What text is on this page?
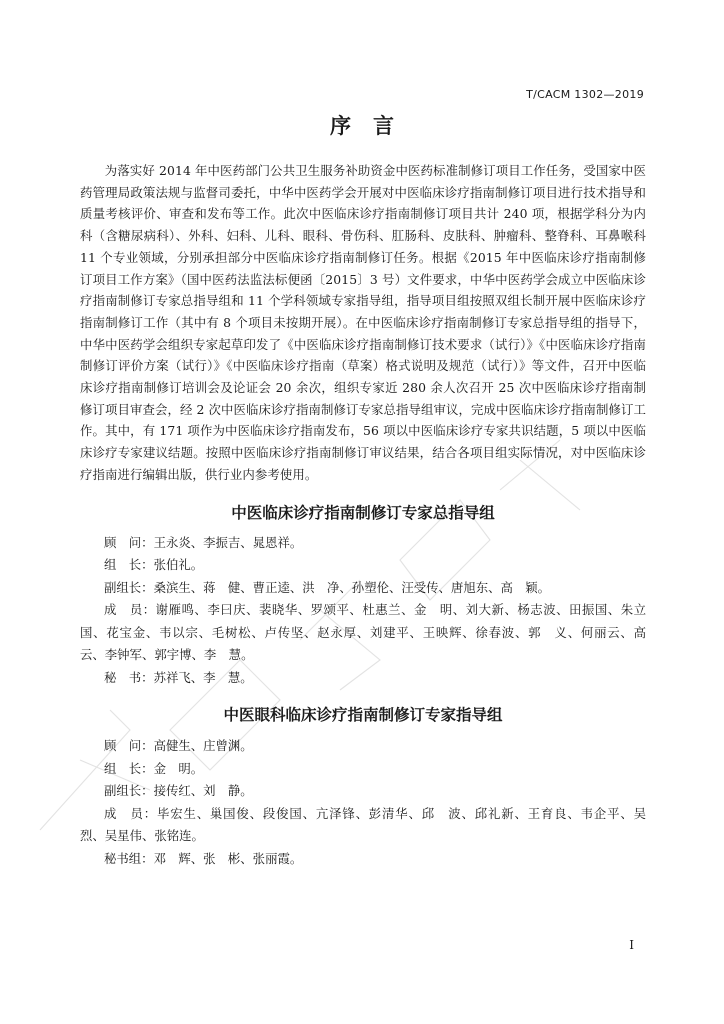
T/CACM 1302—2019
序言

为落实好 2014 年中医药部门公共卫生服务补助资金中医药标准制修订项目工作任务，受国家中医药管理局政策法规与监督司委托，中华中医药学会开展对中医临床诊疗指南制修订项目进行技术指导和质量考核评价、审查和发布等工作。此次中医临床诊疗指南制修订项目共计 240 项，根据学科分为内科（含糖尿病科）、外科、妇科、儿科、眼科、骨伤科、肛肠科、皮肤科、肿瘤科、整脊科、耳鼻喉科 11 个专业领域，分别承担部分中医临床诊疗指南制修订任务。根据《2015 年中医临床诊疗指南制修订项目工作方案》（国中医药法监法标便函〔2015〕3 号）文件要求，中华中医药学会成立中医临床诊疗指南制修订专家总指导组和 11 个学科领域专家指导组，指导项目组按照双组长制开展中医临床诊疗指南制修订工作（其中有 8 个项目未按期开展）。在中医临床诊疗指南制修订专家总指导组的指导下，中华中医药学会组织专家起草印发了《中医临床诊疗指南制修订技术要求（试行）》《中医临床诊疗指南制修订评价方案（试行）》《中医临床诊疗指南（草案）格式说明及规范（试行）》等文件，召开中医临床诊疗指南制修订培训会及论证会 20 余次，组织专家近 280 余人次召开 25 次中医临床诊疗指南制修订项目审查会，经 2 次中医临床诊疗指南制修订专家总指导组审议，完成中医临床诊疗指南制修订工作。其中，有 171 项作为中医临床诊疗指南发布，56 项以中医临床诊疗专家共识结题，5 项以中医临床诊疗专家建议结题。按照中医临床诊疗指南制修订审议结果，结合各项目组实际情况，对中医临床诊疗指南进行编辑出版，供行业内参考使用。

中医临床诊疗指南制修订专家总指导组

顾　问：王永炎、李振吉、晁恩祥。

组　长：张伯礼。

副组长：桑滨生、蒋　健、曹正逵、洪　净、孙塑伦、汪受传、唐旭东、高　颖。

成　员：谢雁鸣、李曰庆、裴晓华、罗颂平、杜惠兰、金　明、刘大新、杨志波、田振国、朱立国、花宝金、韦以宗、毛树松、卢传坚、赵永厚、刘建平、王映辉、徐春波、郭　义、何丽云、高　云、李钟军、郭宇博、李　慧。

秘　书：苏祥飞、李　慧。

中医眼科临床诊疗指南制修订专家指导组

顾　问：高健生、庄曾渊。

组　长：金　明。

副组长：接传红、刘　静。

成　员：毕宏生、巢国俊、段俊国、亢泽锋、彭清华、邱　波、邱礼新、王育良、韦企平、吴　烈、吴星伟、张铭连。

秘书组：邓　辉、张　彬、张丽霞。

I
